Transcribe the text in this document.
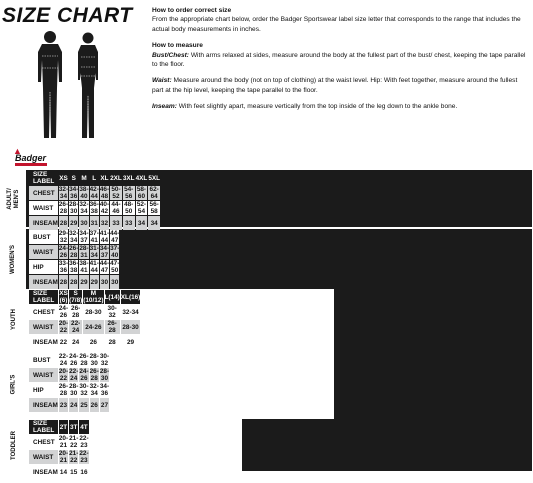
SIZE CHART	How to order correct size

From the appropriate chart below, order the Badger Sportswear label size letter that corresponds to the range that includes the actual body measurements in inches.

How to measure

Bust/Chest: With arms relaxed at sides, measure around the body at the fullest part of the bust/ chest, keeping the tape parallel to the floor.

Waist: Measure around the body (not on top of clothing) at the waist level. Hip: With feet together, measure around the fullest part at the hip level, keeping the tape parallel to the floor.

Inseam: With feet slightly apart, measure vertically from the top inside of the leg down to the ankle bone.

▲
Badger
ADULT/ MEN'S
SIZE LABEL	XS	S	M	L	XL	2XL	3XL	4XL	5XL
CHEST	32-34	34-36	38-40	42-44	46-48	50-52	54-56	58-60	62-64
WAIST	26-28	28-30	32-34	36-38	40-42	44-46	48-50	52-54	56-58
INSEAM	28	29	30	31	32	33	33	34	34
WOMEN'S
BUST	29-32	32-34	34-37	37-41	41-44	44-47
WAIST	24-26	26-28	28-31	31-34	34-37	37-40
HIP	33-36	36-38	38-41	41-44	44-47	47-50
INSEAM	28	28	29	29	30	30
YOUTH
SIZE LABEL	XS (6)	S (7/8)	M (10/12)	L(14)	XL(16)
CHEST	24-26	26-28	28-30	30-32	32-34
WAIST	20-22	22-24	24-26	26-28	28-30
INSEAM	22	24	26	28	29
GIRL'S
BUST	22-24	24-26	26-28	28-30	30-32
WAIST	20-22	22-24	24-26	26-28	28-30
HIP	26-28	28-30	30-32	32-34	34-36
INSEAM	23	24	25	26	27
TODDLER
SIZE LABEL	2T	3T	4T
CHEST	20-21	21-22	22-23
WAIST	20-21	21-22	22-23
INSEAM	14	15	16
